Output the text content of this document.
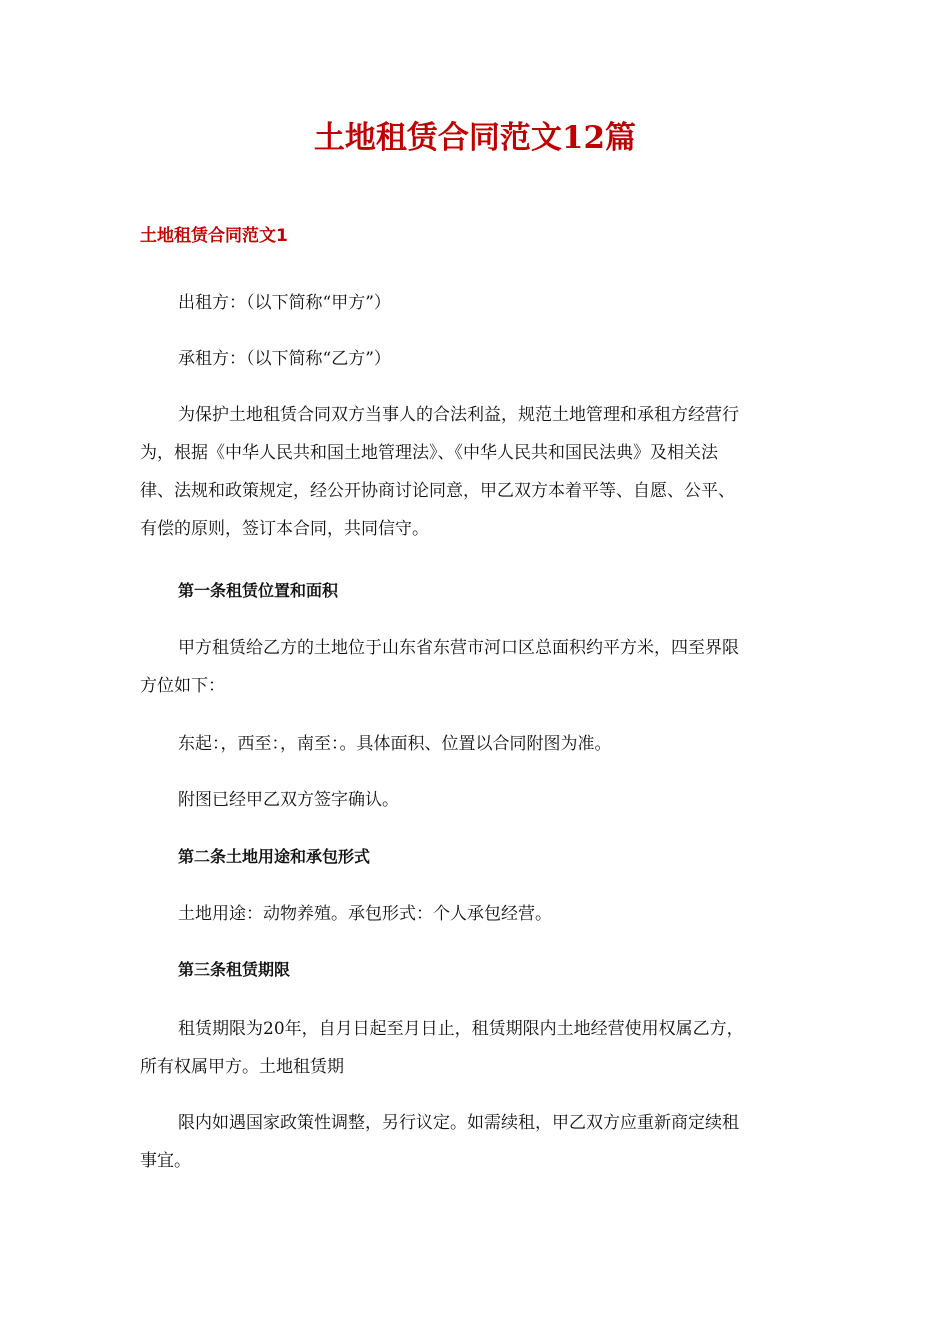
土地租赁合同范文12篇
土地租赁合同范文1

出租方：（以下简称“甲方”）

承租方：（以下简称“乙方”）

为保护土地租赁合同双方当事人的合法利益，规范土地管理和承租方经营行
为，根据《中华人民共和国土地管理法》、《中华人民共和国民法典》及相关法
律、法规和政策规定，经公开协商讨论同意，甲乙双方本着平等、自愿、公平、
有偿的原则，签订本合同，共同信守。

第一条租赁位置和面积

甲方租赁给乙方的土地位于山东省东营市河口区总面积约平方米，四至界限
方位如下：

东起：，西至：，南至：。具体面积、位置以合同附图为准。

附图已经甲乙双方签字确认。

第二条土地用途和承包形式

土地用途：动物养殖。承包形式：个人承包经营。

第三条租赁期限

租赁期限为20年，自月日起至月日止，租赁期限内土地经营使用权属乙方，
所有权属甲方。土地租赁期

限内如遇国家政策性调整，另行议定。如需续租，甲乙双方应重新商定续租
事宜。
